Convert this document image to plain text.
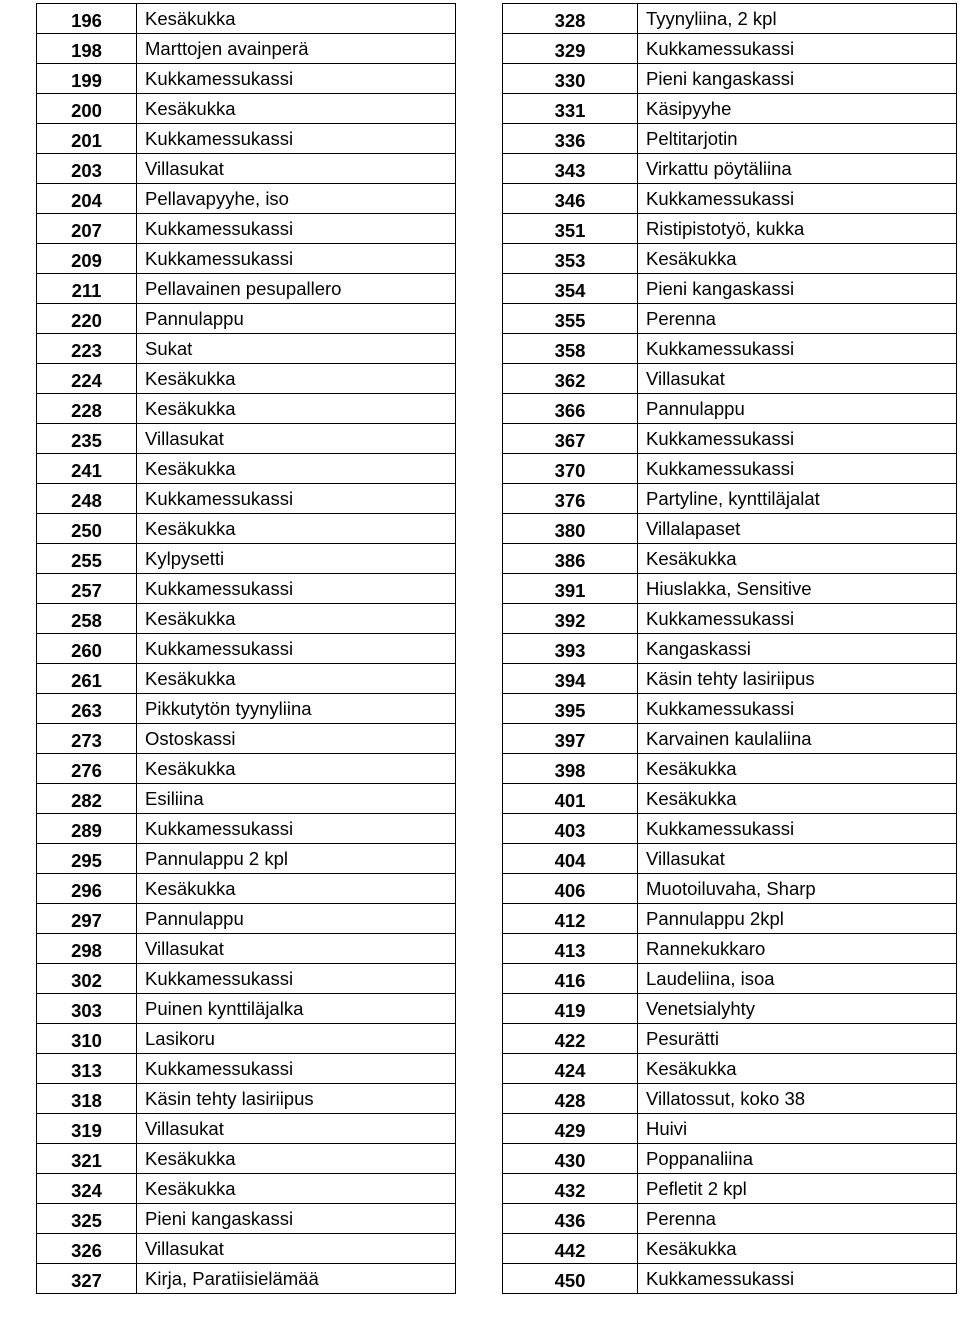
196	Kesäkukka
198	Marttojen avainperä
199	Kukkamessukassi
200	Kesäkukka
201	Kukkamessukassi
203	Villasukat
204	Pellavapyyhe, iso
207	Kukkamessukassi
209	Kukkamessukassi
211	Pellavainen pesupallero
220	Pannulappu
223	Sukat
224	Kesäkukka
228	Kesäkukka
235	Villasukat
241	Kesäkukka
248	Kukkamessukassi
250	Kesäkukka
255	Kylpysetti
257	Kukkamessukassi
258	Kesäkukka
260	Kukkamessukassi
261	Kesäkukka
263	Pikkutytön tyynyliina
273	Ostoskassi
276	Kesäkukka
282	Esiliina
289	Kukkamessukassi
295	Pannulappu 2 kpl
296	Kesäkukka
297	Pannulappu
298	Villasukat
302	Kukkamessukassi
303	Puinen kynttiläjalka
310	Lasikoru
313	Kukkamessukassi
318	Käsin tehty lasiriipus
319	Villasukat
321	Kesäkukka
324	Kesäkukka
325	Pieni kangaskassi
326	Villasukat
327	Kirja, Paratiisielämää
328	Tyynyliina, 2 kpl
329	Kukkamessukassi
330	Pieni kangaskassi
331	Käsipyyhe
336	Peltitarjotin
343	Virkattu pöytäliina
346	Kukkamessukassi
351	Ristipistotyö, kukka
353	Kesäkukka
354	Pieni kangaskassi
355	Perenna
358	Kukkamessukassi
362	Villasukat
366	Pannulappu
367	Kukkamessukassi
370	Kukkamessukassi
376	Partyline, kynttiläjalat
380	Villalapaset
386	Kesäkukka
391	Hiuslakka, Sensitive
392	Kukkamessukassi
393	Kangaskassi
394	Käsin tehty lasiriipus
395	Kukkamessukassi
397	Karvainen kaulaliina
398	Kesäkukka
401	Kesäkukka
403	Kukkamessukassi
404	Villasukat
406	Muotoiluvaha, Sharp
412	Pannulappu 2kpl
413	Rannekukkaro
416	Laudeliina, isoa
419	Venetsialyhty
422	Pesurätti
424	Kesäkukka
428	Villatossut, koko 38
429	Huivi
430	Poppanaliina
432	Pefletit 2 kpl
436	Perenna
442	Kesäkukka
450	Kukkamessukassi
